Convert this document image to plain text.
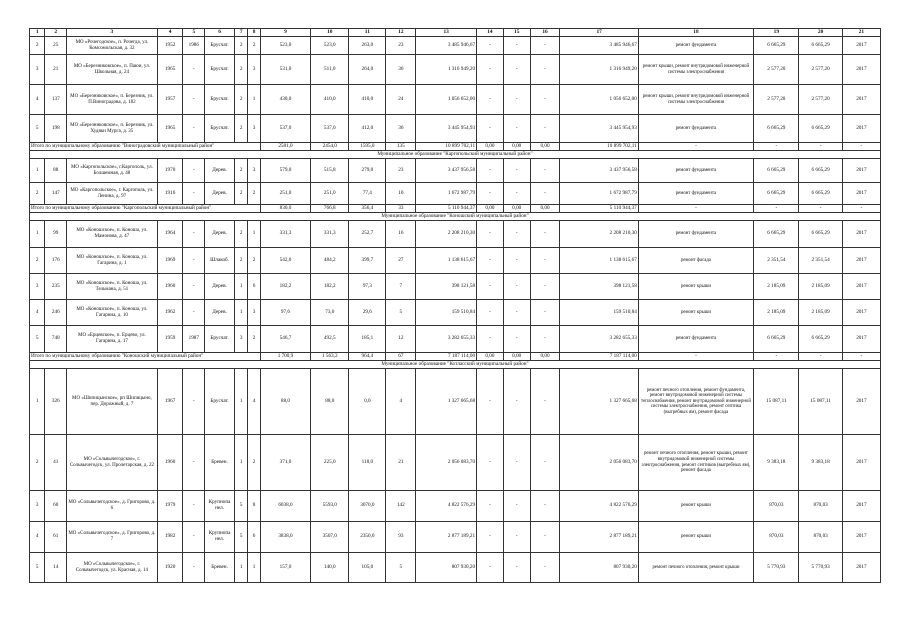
1	2	3	4	5	6	7	8	9	10	11	12	13	14	15	16	17	18	19	20	21
2	25	МО «Рочегодское», п. Рочегда, ул. Комсомольская, д. 32	1952	1986	Брусчат.	2	2	523,0	523,0	263,0	23	3 485 946,67	-	-	-	3 485 946,67	ремонт фундамента	6 665,29	6 665,29	2017
3	21	МО «Березниковское», п. Паюи, ул. Школьная, д. 24	1965	-	Брусчат.	2	3	531,0	511,0	264,0	36	1 316 949,20	-	-	-	1 316 949,20	ремонт крыши, ремонт внутридомовой инженерной системы электроснабжения	2 577,20	2 577,20	2017
4	137	МО «Березниковское», п. Березник, ул. П.Виноградова, д. 182	1957	-	Брусчат.	2	1	430,0	410,0	410,0	24	1 056 652,00	-	-	-	1 056 652,00	ремонт крыши, ремонт внутридомовой инженерной системы электроснабжения	2 577,20	2 577,20	2017
5	198	МО «Березниковское», п. Березник, ул. Худяки Мурга, д. 35	1965	-	Брусчат.	2	3	537,0	537,0	412,0	36	3 445 954,93	-	-	-	3 445 954,93	ремонт фундамента	6 665,29	6 665,29	2017
Итого по муниципальному образованию "Виноградовский муниципальный район"								2581,0	2454,0	1595,0	135	10 899 702,11	0,00	0,00	0,00	10 899 702,11	-	-	-	-
Муниципальное образование "Каргопольский муниципальный район"																				
1	88	МО «Каргопольское», г.Каргополь, ул. Болшемная, д. 48	1970	-	Дерев.	2	3	579,0	515,8	279,0	23	3 437 956,58	-	-	-	3 437 956,58	ремонт фундамента	6 665,29	6 665,29	2017
2	147	МО «Каргопольское», г. Каргополь, ул. Ленина, д. 97	1916	-	Дерев.	2	2	251,0	251,0	77,4	10	1 672 987,79	-	-	-	1 672 987,79	ремонт фундамента	6 665,29	6 665,29	2017
Итого по муниципальному образованию "Каргопольский муниципальный район"								830,0	766,8	356,4	33	5 110 944,37	0,00	0,00	0,00	5 110 944,37	-	-	-	-
Муниципальное образование "Коношский муниципальный район"																				
1	99	МО «Коношское», п. Коноша, ул. Мамонова, д. 47	1964	-	Дерев.	2	1	331,3	331,3	252,7	16	2 208 210,30	-	-	-	2 208 210,30	ремонт фундамента	6 665,29	6 665,29	2017
2	176	МО «Коношское», п. Коноша, ул. Гагарина, д. 1	1969	-	Шлакоб.	2	2	542,0	484,2	399,7	27	1 138 615,67	-	-	-	1 138 615,67	ремонт фасада	2 351,54	2 351,54	2017
3	235	МО «Коношское», п. Коноша, ул. Тельмана, д. 51	1960	-	Дерев.	1	6	182,2	182,2	97,3	7	398 121,58	-	-	-	398 121,58	ремонт крыши	2 185,09	2 185,09	2017
4	246	МО «Коношское», п. Коноша, ул. Гагарина, д. 10	1962	-	Дерев.	1	3	97,6	73,0	29,6	5	159 510,84	-	-	-	159 510,84	ремонт крыши	2 185,09	2 185,09	2017
5	748	МО «Ерцевское», п. Ерцево, ул. Гагарина, д. 17	1959	1987	Брусчат.	3	2	546,7	492,5	185,1	12	3 282 655,33	-	-	-	3 282 655,33	ремонт фундамента	6 665,29	6 665,29	2017
Итого по муниципальному образованию "Коношский муниципальный район"								1 700,9	1 563,2	964,4	67	7 187 114,00	0,00	0,00	0,00	7 187 114,00	-	-	-	-
Муниципальное образование "Котласский муниципальный район"																				
1	326	МО «Шипицынское», рп Шипицыно, пер. Дорожный, д. 7	1967	-	Брусчат.	1	4	88,0	88,0	0,0	4	1 327 665,68	-	-	-	1 327 665,68	ремонт печного отопления, ремонт фундамента, ремонт внутридомовой инженерной системы теплоснабжения, ремонт внутридомовой инженерной системы электроснабжения, ремонт септика (выгребных ям), ремонт фасада	15 087,11	15 087,11	2017
2	41	МО «Сольвычегодское», г. Сольвычегодск, ул. Пролетарская, д. 22	1960	-	Бревен.	1	2	371,0	225,0	118,0	21	2 056 083,70	-	-	-	2 056 083,70	ремонт печного отопления, ремонт крыши, ремонт внутридомовой инженерной системы электроснабжения, ремонт септиков (выгребных ям), ремонт фасада	9 383,18	9 383,18	2017
3	60	МО «Сольвычегодское», д. Григорово, д. 6	1979	-	Крупнопа нел.	5	8	6038,0	5593,0	3070,0	142	4 822 576,29	-	-	-	4 822 576,29	ремонт крыши	870,03	870,03	2017
4	61	МО «Сольвычегодское», д. Григорово, д. 7	1982	-	Крупнопа нел.	5	6	3838,0	3507,0	2350,0	93	2 877 189,21	-	-	-	2 877 189,21	ремонт крыши	870,03	870,03	2017
5	14	МО «Сольвычегодское», г. Сольвычегодск, ул. Красная, д. 14	1920	-	Бревен.	1	1	157,0	140,0	105,0	5	807 930,20	-	-	-	807 930,20	ремонт печного отопления, ремонт крыши	5 770,93	5 770,93	2017
